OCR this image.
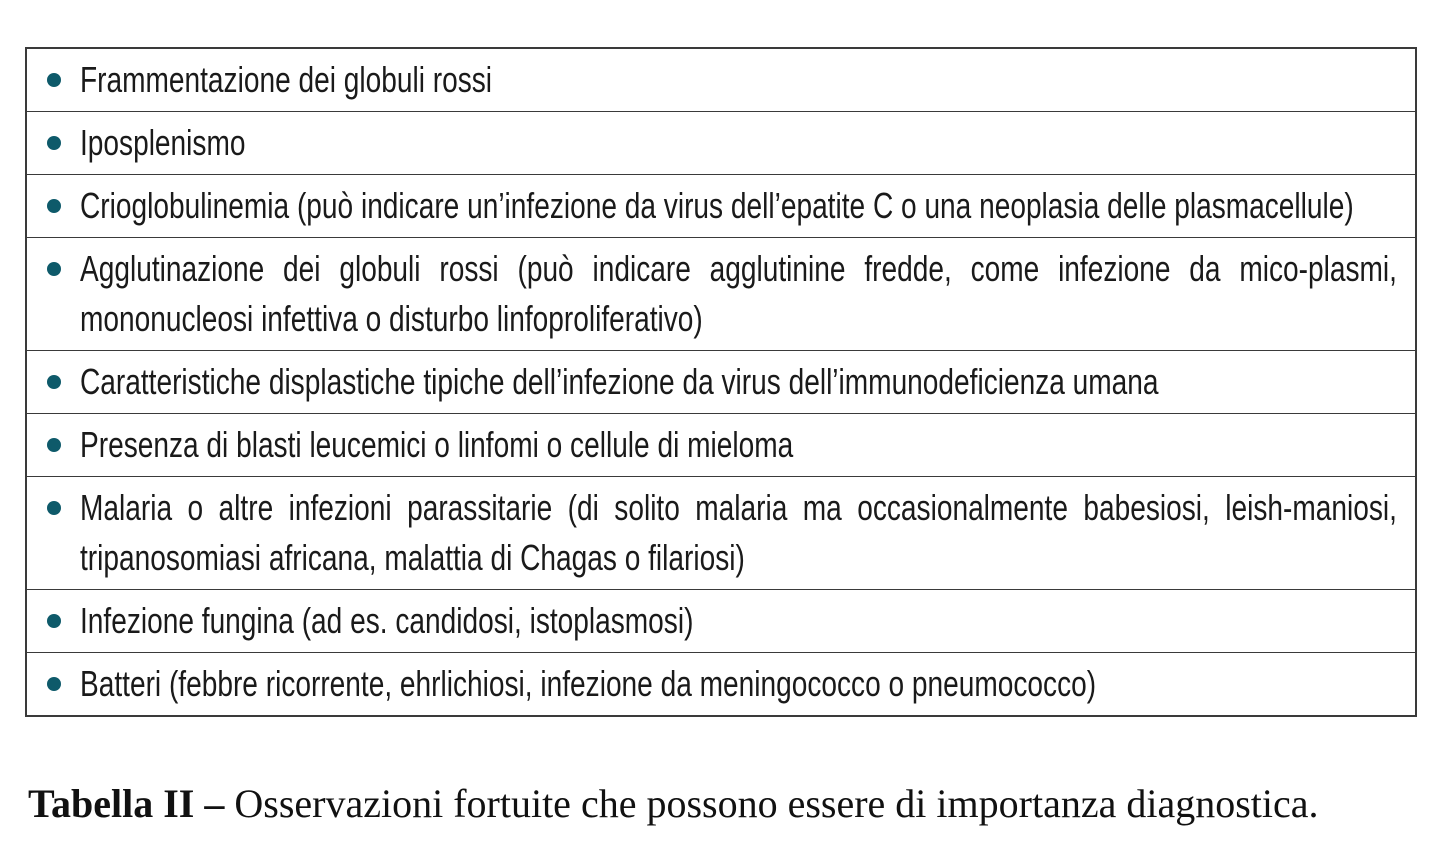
Frammentazione dei globuli rossi
Iposplenismo
Crioglobulinemia (può indicare un’infezione da virus dell’epatite C o una neoplasia delle plasmacellule)
Agglutinazione dei globuli rossi (può indicare agglutinine fredde, come infezione da mico-plasmi, mononucleosi infettiva o disturbo linfoproliferativo)
Caratteristiche displastiche tipiche dell’infezione da virus dell’immunodeficienza umana
Presenza di blasti leucemici o linfomi o cellule di mieloma
Malaria o altre infezioni parassitarie (di solito malaria ma occasionalmente babesiosi, leish-maniosi, tripanosomiasi africana, malattia di Chagas o filariosi)
Infezione fungina (ad es. candidosi, istoplasmosi)
Batteri (febbre ricorrente, ehrlichiosi, infezione da meningococco o pneumococco)
Tabella II – Osservazioni fortuite che possono essere di importanza diagnostica.
